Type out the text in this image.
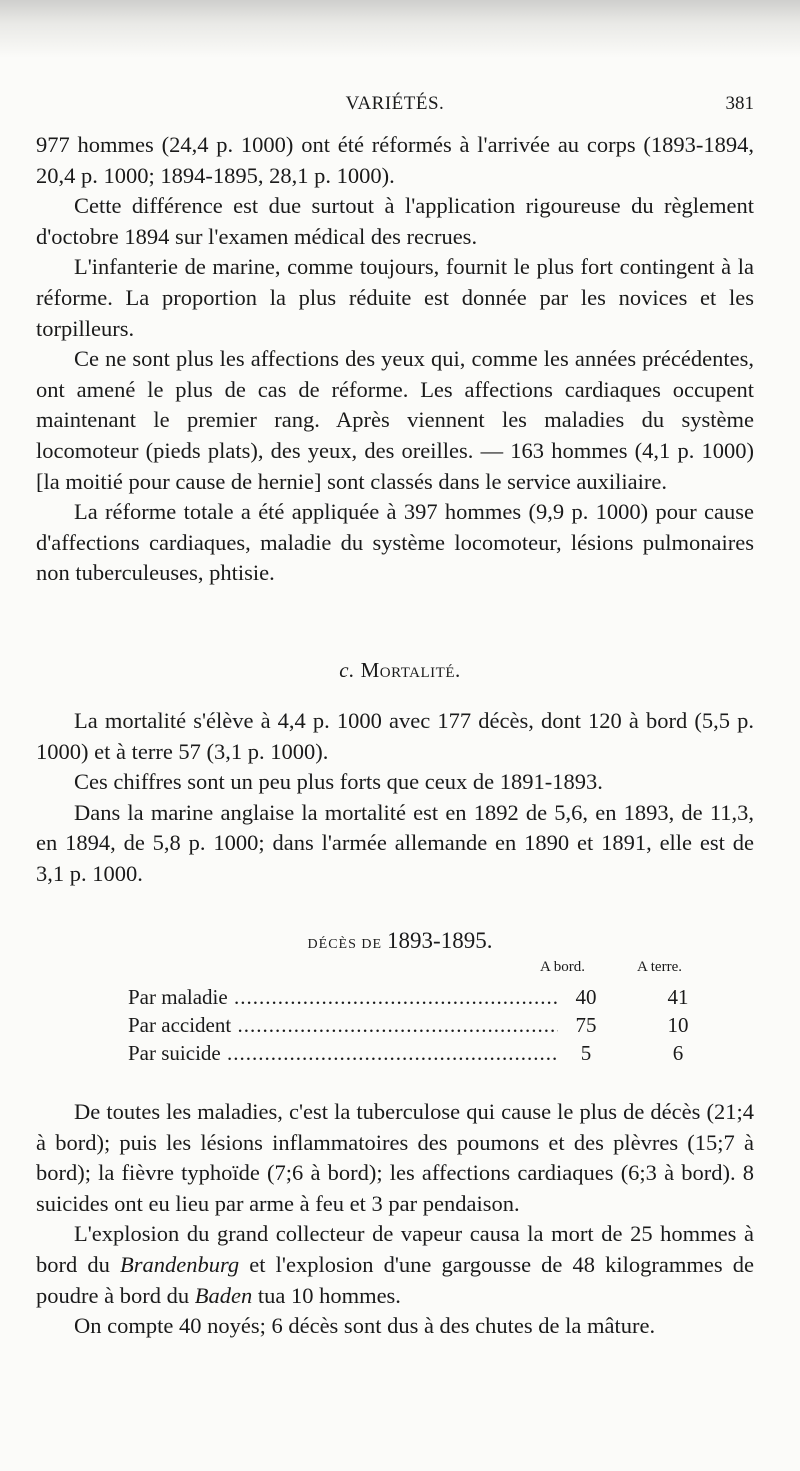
VARIÉTÉS.	381

977 hommes (24,4 p. 1000) ont été réformés à l'arrivée au corps (1893-1894, 20,4 p. 1000; 1894-1895, 28,1 p. 1000).

Cette différence est due surtout à l'application rigoureuse du règlement d'octobre 1894 sur l'examen médical des recrues.

L'infanterie de marine, comme toujours, fournit le plus fort contingent à la réforme. La proportion la plus réduite est donnée par les novices et les torpilleurs.

Ce ne sont plus les affections des yeux qui, comme les années précédentes, ont amené le plus de cas de réforme. Les affections cardiaques occupent maintenant le premier rang. Après viennent les maladies du système locomoteur (pieds plats), des yeux, des oreilles. — 163 hommes (4,1 p. 1000) [la moitié pour cause de hernie] sont classés dans le service auxiliaire.

La réforme totale a été appliquée à 397 hommes (9,9 p. 1000) pour cause d'affections cardiaques, maladie du système locomoteur, lésions pulmonaires non tuberculeuses, phtisie.

c. Mortalité.

La mortalité s'élève à 4,4 p. 1000 avec 177 décès, dont 120 à bord (5,5 p. 1000) et à terre 57 (3,1 p. 1000).

Ces chiffres sont un peu plus forts que ceux de 1891-1893.

Dans la marine anglaise la mortalité est en 1892 de 5,6, en 1893, de 11,3, en 1894, de 5,8 p. 1000; dans l'armée allemande en 1890 et 1891, elle est de 3,1 p. 1000.

DÉCÈS DE 1893-1895.
A bord.	A terre.
Par maladie .....	40	41
Par accident .....	75	10
Par suicide .....	5	6

De toutes les maladies, c'est la tuberculose qui cause le plus de décès (21;4 à bord); puis les lésions inflammatoires des poumons et des plèvres (15;7 à bord); la fièvre typhoïde (7;6 à bord); les affections cardiaques (6;3 à bord). 8 suicides ont eu lieu par arme à feu et 3 par pendaison.

L'explosion du grand collecteur de vapeur causa la mort de 25 hommes à bord du Brandenburg et l'explosion d'une gargousse de 48 kilogrammes de poudre à bord du Baden tua 10 hommes.

On compte 40 noyés; 6 décès sont dus à des chutes de la mâture.
